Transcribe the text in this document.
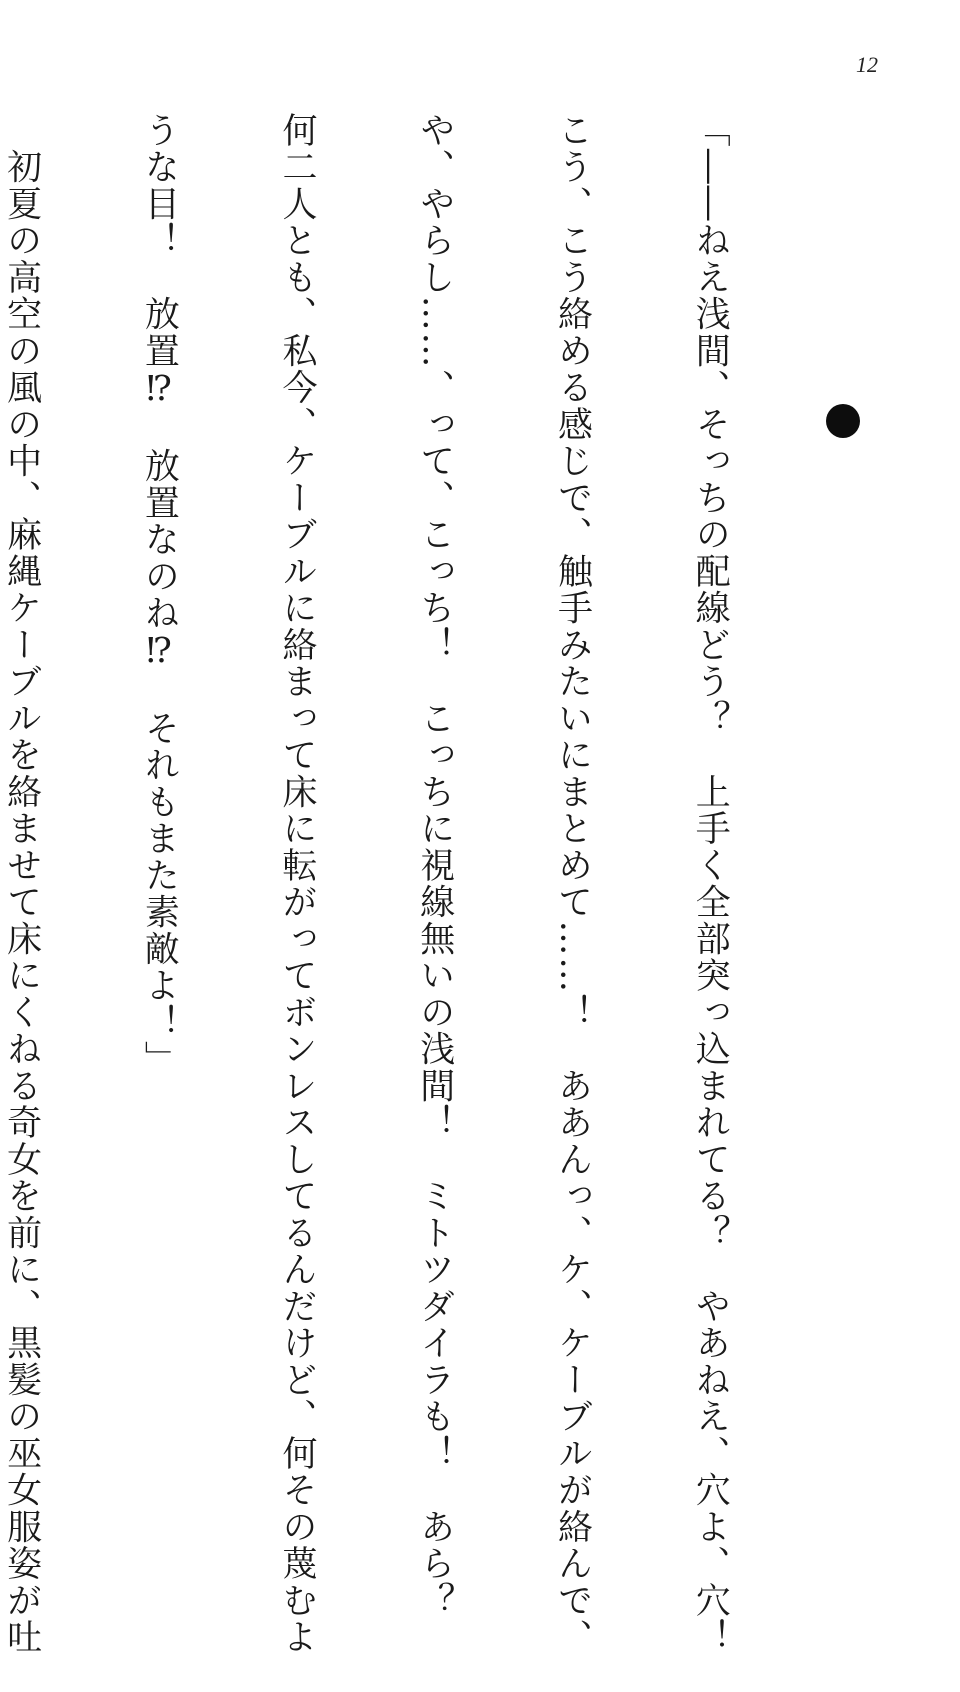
12

「――ねえ浅間、そっちの配線どう？　上手く全部突っ込まれてる？　やあねえ、穴よ、穴！

こう、こう絡める感じで、触手みたいにまとめて……！　ああんっ、ケ、ケーブルが絡んで、

や、やらし……、って、こっち！　こっちに視線無いの浅間！　ミトツダイラも！　あら？

何二人とも、私今、ケーブルに絡まって床に転がってボンレスしてるんだけど、何その蔑むよ

うな目！　放置⁉　放置なのね⁉　それもまた素敵よ！」

　初夏の高空の風の中、麻縄ケーブルを絡ませて床にくねる奇女を前に、黒髪の巫女服姿が吐
